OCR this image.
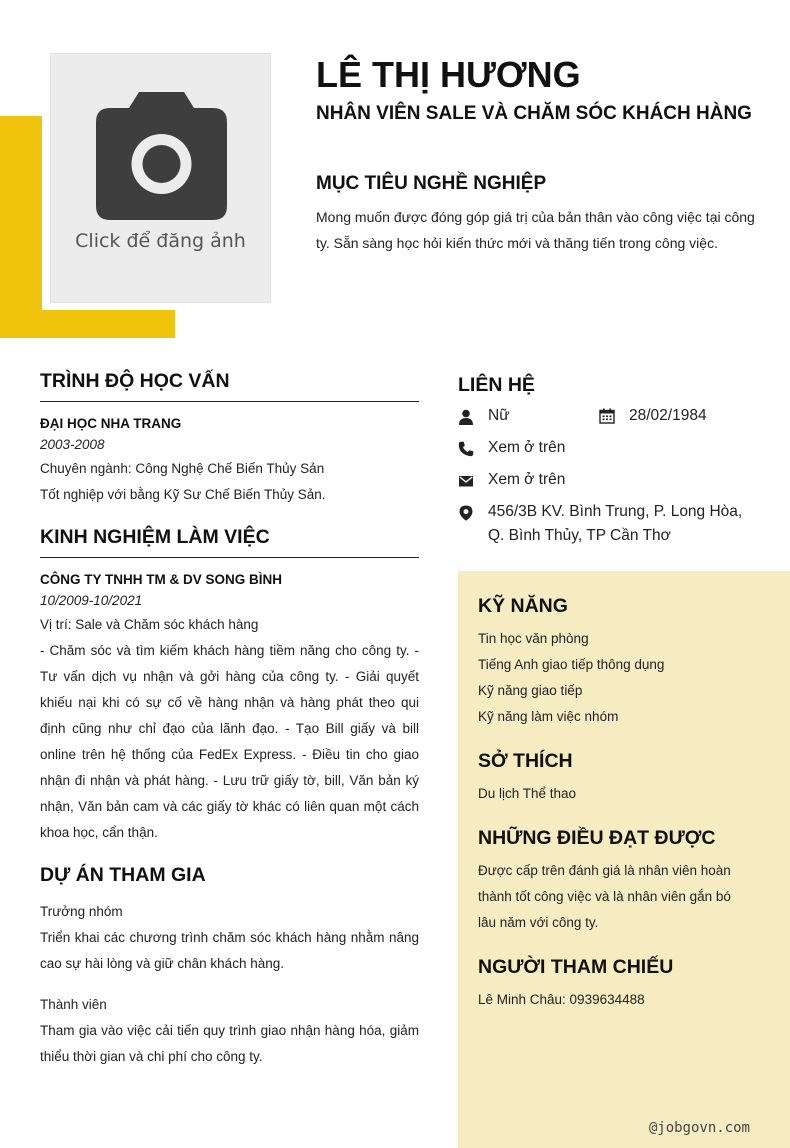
Click để đăng ảnh
LÊ THỊ HƯƠNG
NHÂN VIÊN SALE VÀ CHĂM SÓC KHÁCH HÀNG
MỤC TIÊU NGHỀ NGHIỆP

Mong muốn được đóng góp giá trị của bản thân vào công việc tại công ty. Sẵn sàng học hỏi kiến thức mới và thăng tiến trong công việc.

TRÌNH ĐỘ HỌC VẤN
ĐẠI HỌC NHA TRANG
2003-2008
Chuyên ngành: Công Nghệ Chế Biến Thủy Sản
Tốt nghiệp với bằng Kỹ Sư Chế Biến Thủy Sản.
KINH NGHIỆM LÀM VIỆC
CÔNG TY TNHH TM & DV SONG BÌNH
10/2009-10/2021
Vị trí: Sale và Chăm sóc khách hàng

- Chăm sóc và tìm kiếm khách hàng tiềm năng cho công ty. - Tư vấn dịch vụ nhận và gởi hàng của công ty. - Giải quyết khiếu nại khi có sự cố về hàng nhận và hàng phát theo qui định cũng như chỉ đạo của lãnh đạo. - Tạo Bill giấy và bill online trên hệ thống của FedEx Express. - Điều tin cho giao nhận đi nhận và phát hàng. - Lưu trữ giấy tờ, bill, Văn bản ký nhận, Văn bản cam và các giấy tờ khác có liên quan một cách khoa học, cẩn thận.

DỰ ÁN THAM GIA
Trưởng nhóm

Triển khai các chương trình chăm sóc khách hàng nhằm nâng cao sự hài lòng và giữ chân khách hàng.

Thành viên

Tham gia vào việc cải tiến quy trình giao nhận hàng hóa, giảm thiểu thời gian và chi phí cho công ty.

LIÊN HỆ
Nữ	28/02/1984
Xem ở trên
Xem ở trên
456/3B KV. Bình Trung, P. Long Hòa, Q. Bình Thủy, TP Cần Thơ
KỸ NĂNG
Tin học văn phòng
Tiếng Anh giao tiếp thông dụng
Kỹ năng giao tiếp
Kỹ năng làm việc nhóm
SỞ THÍCH
Du lịch Thể thao
NHỮNG ĐIỀU ĐẠT ĐƯỢC
Được cấp trên đánh giá là nhân viên hoàn thành tốt công việc và là nhân viên gắn bó lâu năm với công ty.
NGƯỜI THAM CHIẾU
Lê Minh Châu: 0939634488
@jobgovn.com
